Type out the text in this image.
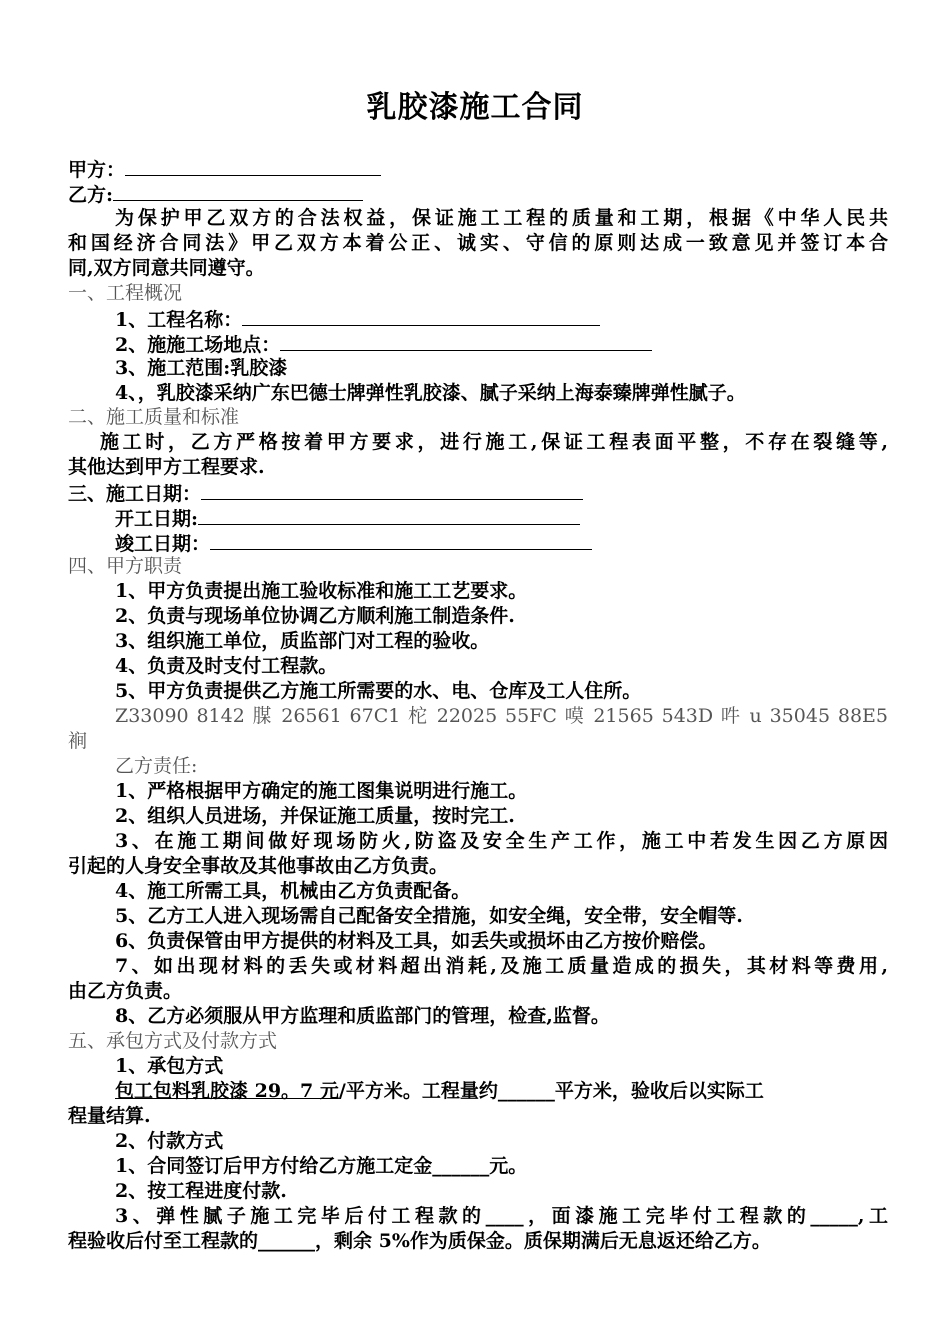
乳胶漆施工合同
甲方：
乙方:
为保护甲乙双方的合法权益，保证施工工程的质量和工期，根据《中华人民共
和国经济合同法》甲乙双方本着公正、诚实、守信的原则达成一致意见并签订本合
同,双方同意共同遵守。
一、工程概况
1、工程名称：
2、施施工场地点：
3、施工范围:乳胶漆
4、，乳胶漆采纳广东巴德士牌弹性乳胶漆、腻子采纳上海泰臻牌弹性腻子。
二、施工质量和标准
施工时，乙方严格按着甲方要求，进行施工,保证工程表面平整，不存在裂缝等,
其他达到甲方工程要求.
三、施工日期：
开工日期:
竣工日期：
四、甲方职责
1、甲方负责提出施工验收标准和施工工艺要求。
2、负责与现场单位协调乙方顺利施工制造条件.
3、组织施工单位，质监部门对工程的验收。
4、负责及时支付工程款。
5、甲方负责提供乙方施工所需要的水、电、仓库及工人住所。
Z33090 8142 腜 26561 67C1 柁 22025 55FC 嗼 21565 543D 吽 u 35045 88E5
裥
乙方责任:
1、严格根据甲方确定的施工图集说明进行施工。
2、组织人员进场，并保证施工质量，按时完工.
3、在施工期间做好现场防火,防盗及安全生产工作，施工中若发生因乙方原因
引起的人身安全事故及其他事故由乙方负责。
4、施工所需工具，机械由乙方负责配备。
5、乙方工人进入现场需自己配备安全措施，如安全绳，安全带，安全帽等.
6、负责保管由甲方提供的材料及工具，如丢失或损坏由乙方按价赔偿。
7、如出现材料的丢失或材料超出消耗,及施工质量造成的损失，其材料等费用,
由乙方负责。
8、乙方必须服从甲方监理和质监部门的管理，检查,监督。
五、承包方式及付款方式
1、承包方式
包工包料乳胶漆 29。7 元/平方米。工程量约______平方米，验收后以实际工
程量结算.
2、付款方式
1、合同签订后甲方付给乙方施工定金______元。
2、按工程进度付款.
3、弹性腻子施工完毕后付工程款的____，面漆施工完毕付工程款的_____,工
程验收后付至工程款的______，剩余 5%作为质保金。质保期满后无息返还给乙方。
